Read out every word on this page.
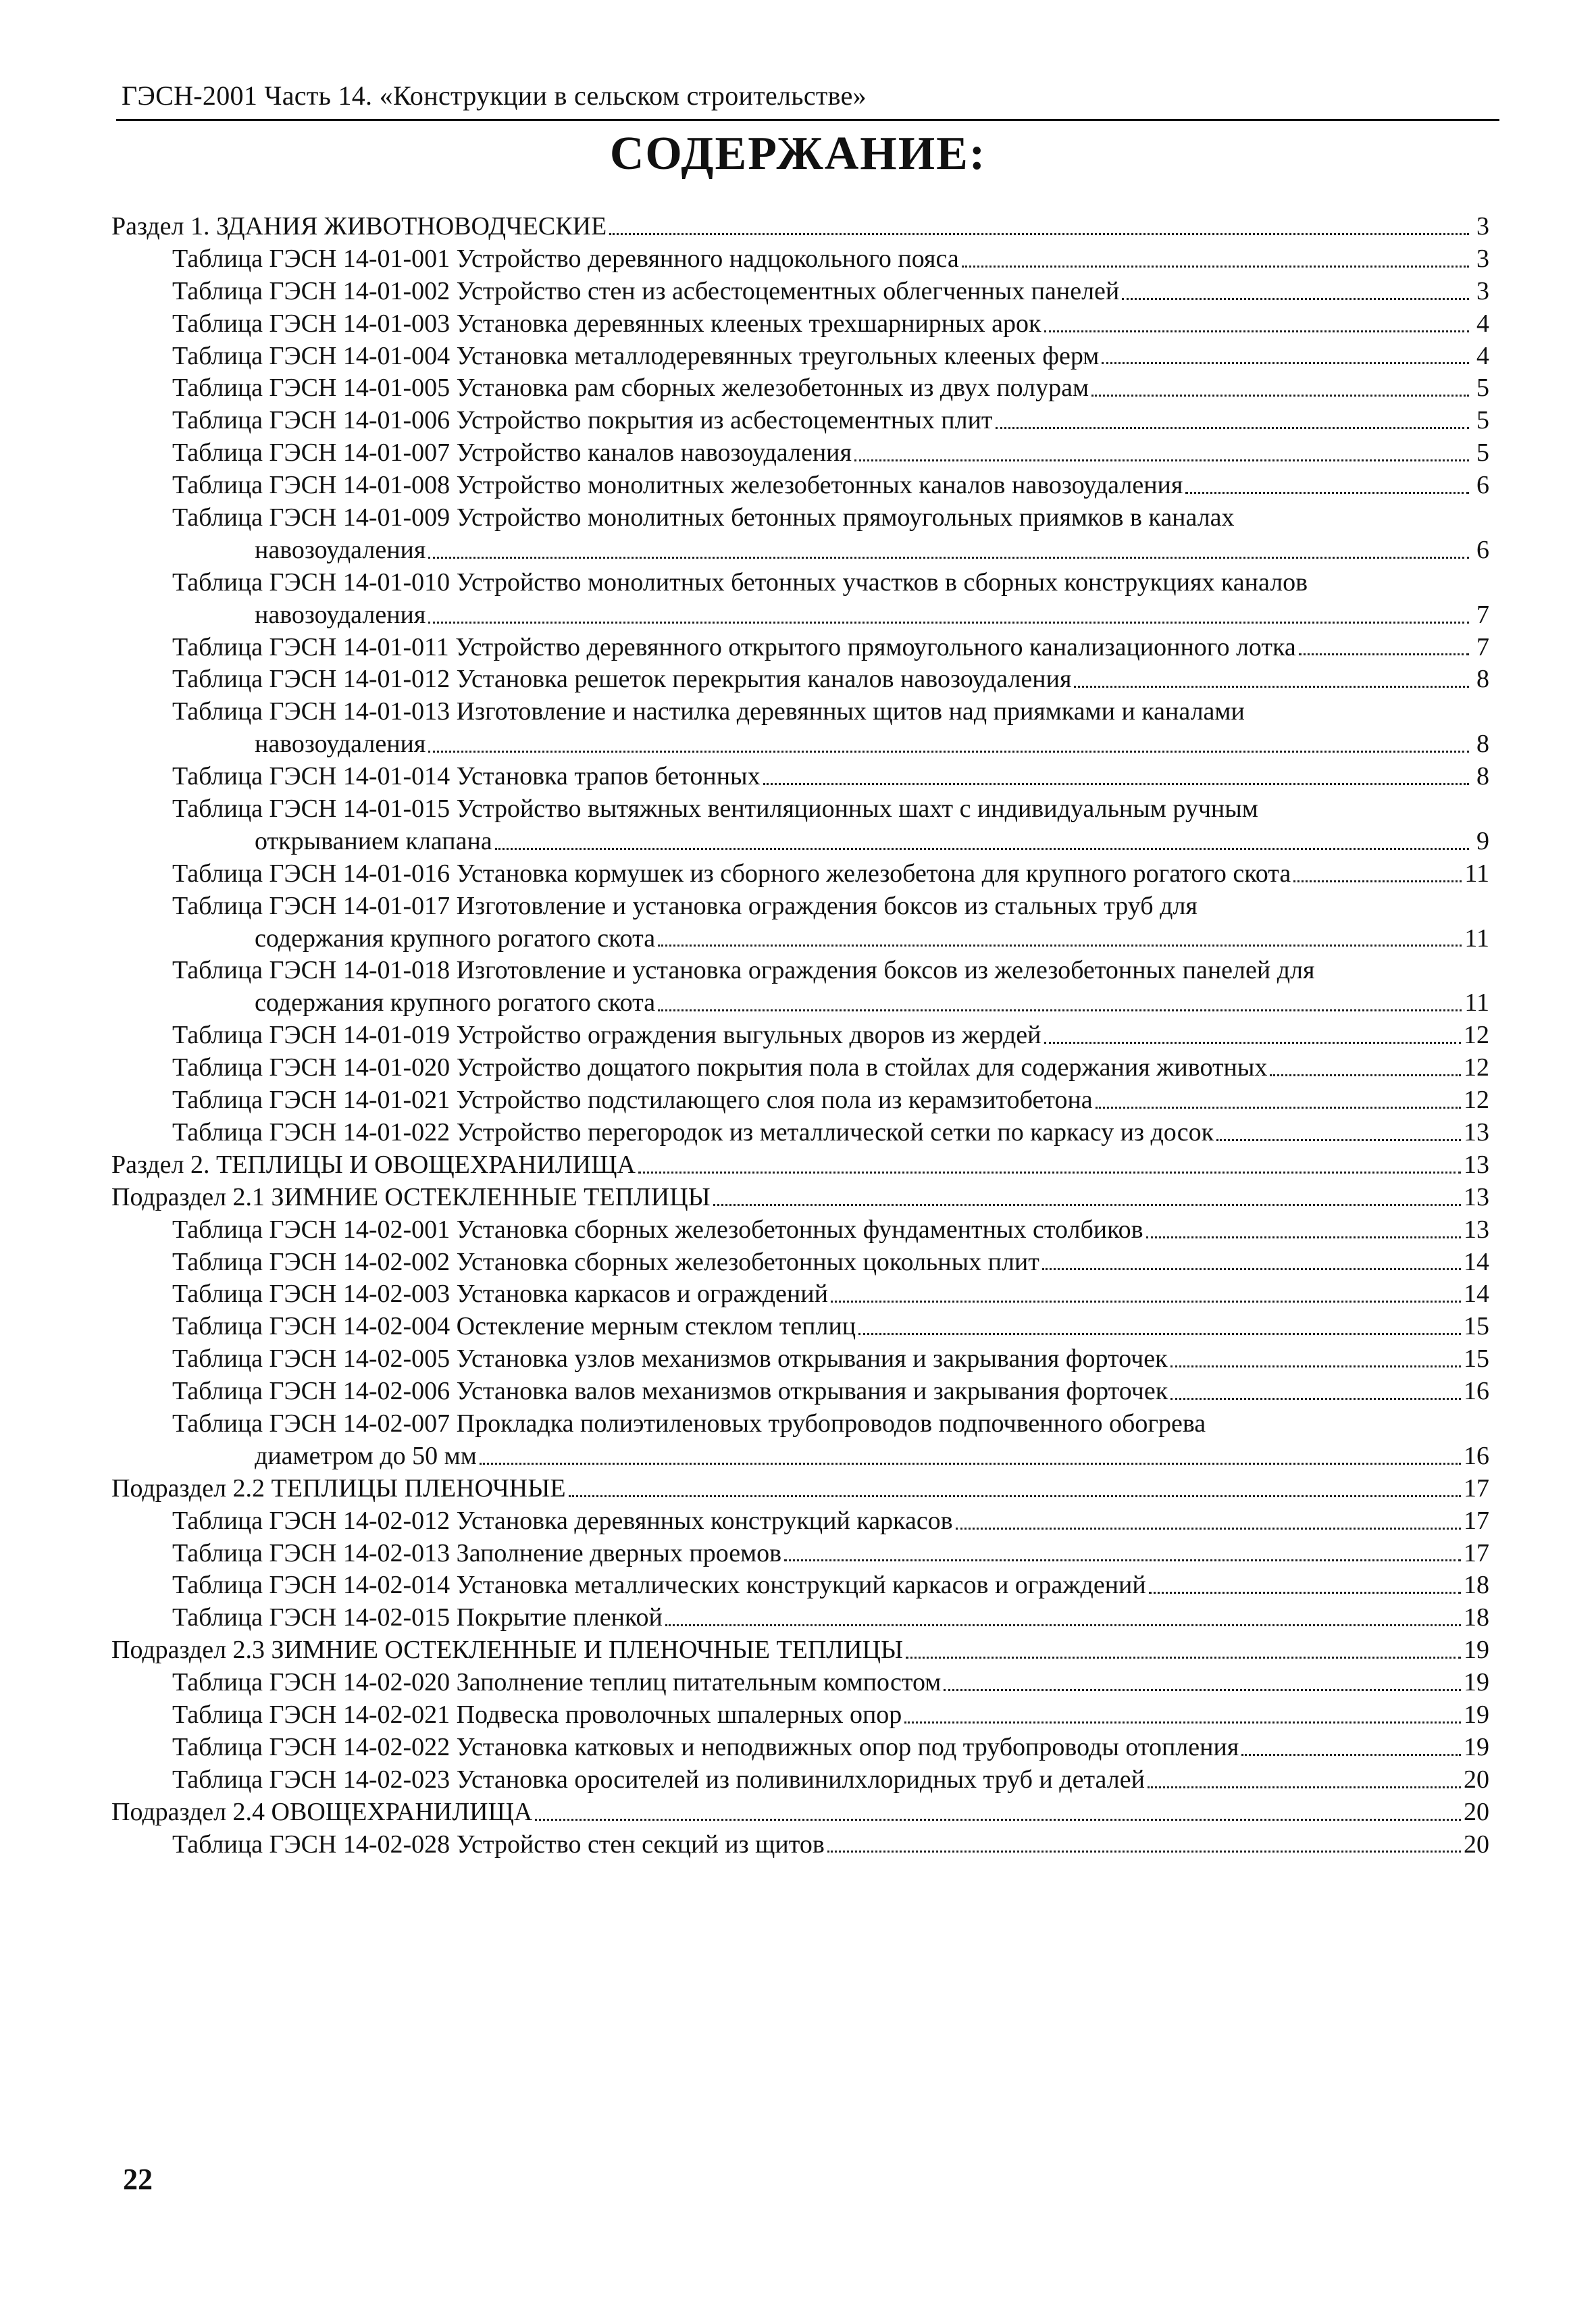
ГЭСН-2001 Часть 14. «Конструкции в сельском строительстве»
СОДЕРЖАНИЕ:
Раздел 1. ЗДАНИЯ ЖИВОТНОВОДЧЕСКИЕ	3
Таблица ГЭСН 14-01-001 Устройство деревянного надцокольного пояса	3
Таблица ГЭСН 14-01-002 Устройство стен из асбестоцементных облегченных панелей	3
Таблица ГЭСН 14-01-003 Установка деревянных клееных трехшарнирных арок	4
Таблица ГЭСН 14-01-004 Установка металлодеревянных треугольных клееных ферм	4
Таблица ГЭСН 14-01-005 Установка рам сборных железобетонных из двух полурам	5
Таблица ГЭСН 14-01-006 Устройство покрытия из асбестоцементных плит	5
Таблица ГЭСН 14-01-007 Устройство каналов навозоудаления	5
Таблица ГЭСН 14-01-008 Устройство монолитных железобетонных каналов навозоудаления	6
Таблица ГЭСН 14-01-009 Устройство монолитных бетонных прямоугольных приямков в каналах
навозоудаления	6
Таблица ГЭСН 14-01-010 Устройство монолитных бетонных участков в сборных конструкциях каналов
навозоудаления	7
Таблица ГЭСН 14-01-011 Устройство деревянного открытого прямоугольного канализационного лотка	7
Таблица ГЭСН 14-01-012 Установка решеток перекрытия каналов навозоудаления	8
Таблица ГЭСН 14-01-013 Изготовление и настилка деревянных щитов над приямками и каналами
навозоудаления	8
Таблица ГЭСН 14-01-014 Установка трапов бетонных	8
Таблица ГЭСН 14-01-015 Устройство вытяжных вентиляционных шахт с индивидуальным ручным
открыванием клапана	9
Таблица ГЭСН 14-01-016 Установка кормушек из сборного железобетона для крупного рогатого скота	11
Таблица ГЭСН 14-01-017 Изготовление и установка ограждения боксов из стальных труб для
содержания крупного рогатого скота	11
Таблица ГЭСН 14-01-018 Изготовление и установка ограждения боксов из железобетонных панелей для
содержания крупного рогатого скота	11
Таблица ГЭСН 14-01-019 Устройство ограждения выгульных дворов из жердей	12
Таблица ГЭСН 14-01-020 Устройство дощатого покрытия пола в стойлах для содержания животных	12
Таблица ГЭСН 14-01-021 Устройство подстилающего слоя пола из керамзитобетона	12
Таблица ГЭСН 14-01-022 Устройство перегородок из металлической сетки по каркасу из досок	13
Раздел 2. ТЕПЛИЦЫ И ОВОЩЕХРАНИЛИЩА	13
Подраздел 2.1 ЗИМНИЕ ОСТЕКЛЕННЫЕ ТЕПЛИЦЫ	13
Таблица ГЭСН 14-02-001 Установка сборных железобетонных фундаментных столбиков	13
Таблица ГЭСН 14-02-002 Установка сборных железобетонных цокольных плит	14
Таблица ГЭСН 14-02-003 Установка каркасов и ограждений	14
Таблица ГЭСН 14-02-004 Остекление мерным стеклом теплиц	15
Таблица ГЭСН 14-02-005 Установка узлов механизмов открывания и закрывания форточек	15
Таблица ГЭСН 14-02-006 Установка валов механизмов открывания и закрывания форточек	16
Таблица ГЭСН 14-02-007 Прокладка полиэтиленовых трубопроводов подпочвенного обогрева
диаметром до 50 мм	16
Подраздел 2.2 ТЕПЛИЦЫ ПЛЕНОЧНЫЕ	17
Таблица ГЭСН 14-02-012 Установка деревянных конструкций каркасов	17
Таблица ГЭСН 14-02-013 Заполнение дверных проемов	17
Таблица ГЭСН 14-02-014 Установка металлических конструкций каркасов и ограждений	18
Таблица ГЭСН 14-02-015 Покрытие пленкой	18
Подраздел 2.3 ЗИМНИЕ ОСТЕКЛЕННЫЕ И ПЛЕНОЧНЫЕ ТЕПЛИЦЫ	19
Таблица ГЭСН 14-02-020 Заполнение теплиц питательным компостом	19
Таблица ГЭСН 14-02-021 Подвеска проволочных шпалерных опор	19
Таблица ГЭСН 14-02-022 Установка катковых и неподвижных опор под трубопроводы отопления	19
Таблица ГЭСН 14-02-023 Установка оросителей из поливинилхлоридных труб и деталей	20
Подраздел 2.4 ОВОЩЕХРАНИЛИЩА	20
Таблица ГЭСН 14-02-028 Устройство стен секций из щитов	20
22
